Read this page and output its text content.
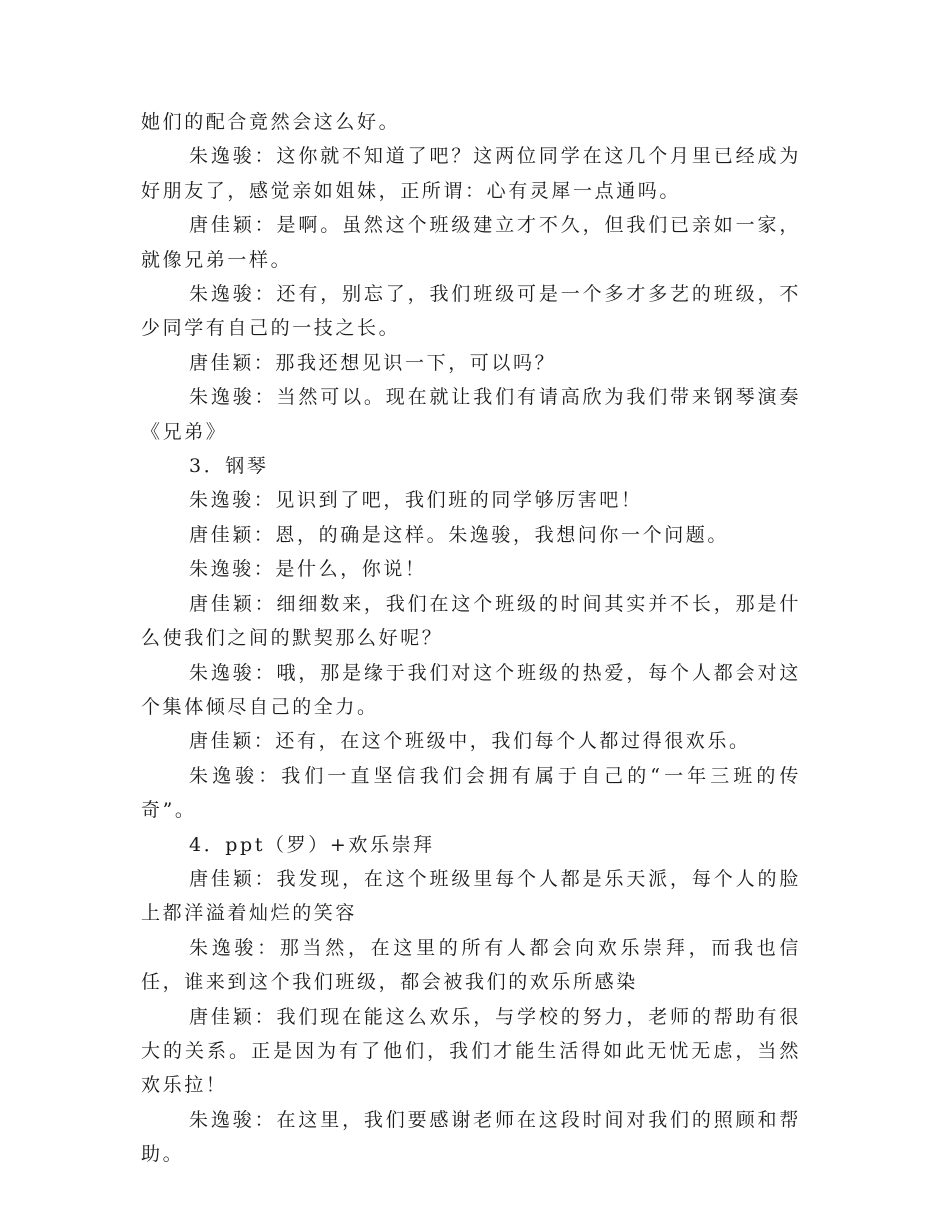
她们的配合竟然会这么好。

朱逸骏：这你就不知道了吧？这两位同学在这几个月里已经成为好朋友了，感觉亲如姐妹，正所谓：心有灵犀一点通吗。

唐佳颖：是啊。虽然这个班级建立才不久，但我们已亲如一家，就像兄弟一样。

朱逸骏：还有，别忘了，我们班级可是一个多才多艺的班级，不少同学有自己的一技之长。

唐佳颖：那我还想见识一下，可以吗？

朱逸骏：当然可以。现在就让我们有请高欣为我们带来钢琴演奏《兄弟》

3．钢琴

朱逸骏：见识到了吧，我们班的同学够厉害吧！

唐佳颖：恩，的确是这样。朱逸骏，我想问你一个问题。

朱逸骏：是什么，你说！

唐佳颖：细细数来，我们在这个班级的时间其实并不长，那是什么使我们之间的默契那么好呢？

朱逸骏：哦，那是缘于我们对这个班级的热爱，每个人都会对这个集体倾尽自己的全力。

唐佳颖：还有，在这个班级中，我们每个人都过得很欢乐。

朱逸骏：我们一直坚信我们会拥有属于自己的“一年三班的传奇”。

4．ppt（罗）+欢乐崇拜

唐佳颖：我发现，在这个班级里每个人都是乐天派，每个人的脸上都洋溢着灿烂的笑容

朱逸骏：那当然，在这里的所有人都会向欢乐崇拜，而我也信任，谁来到这个我们班级，都会被我们的欢乐所感染

唐佳颖：我们现在能这么欢乐，与学校的努力，老师的帮助有很大的关系。正是因为有了他们，我们才能生活得如此无忧无虑，当然欢乐拉！

朱逸骏：在这里，我们要感谢老师在这段时间对我们的照顾和帮助。
